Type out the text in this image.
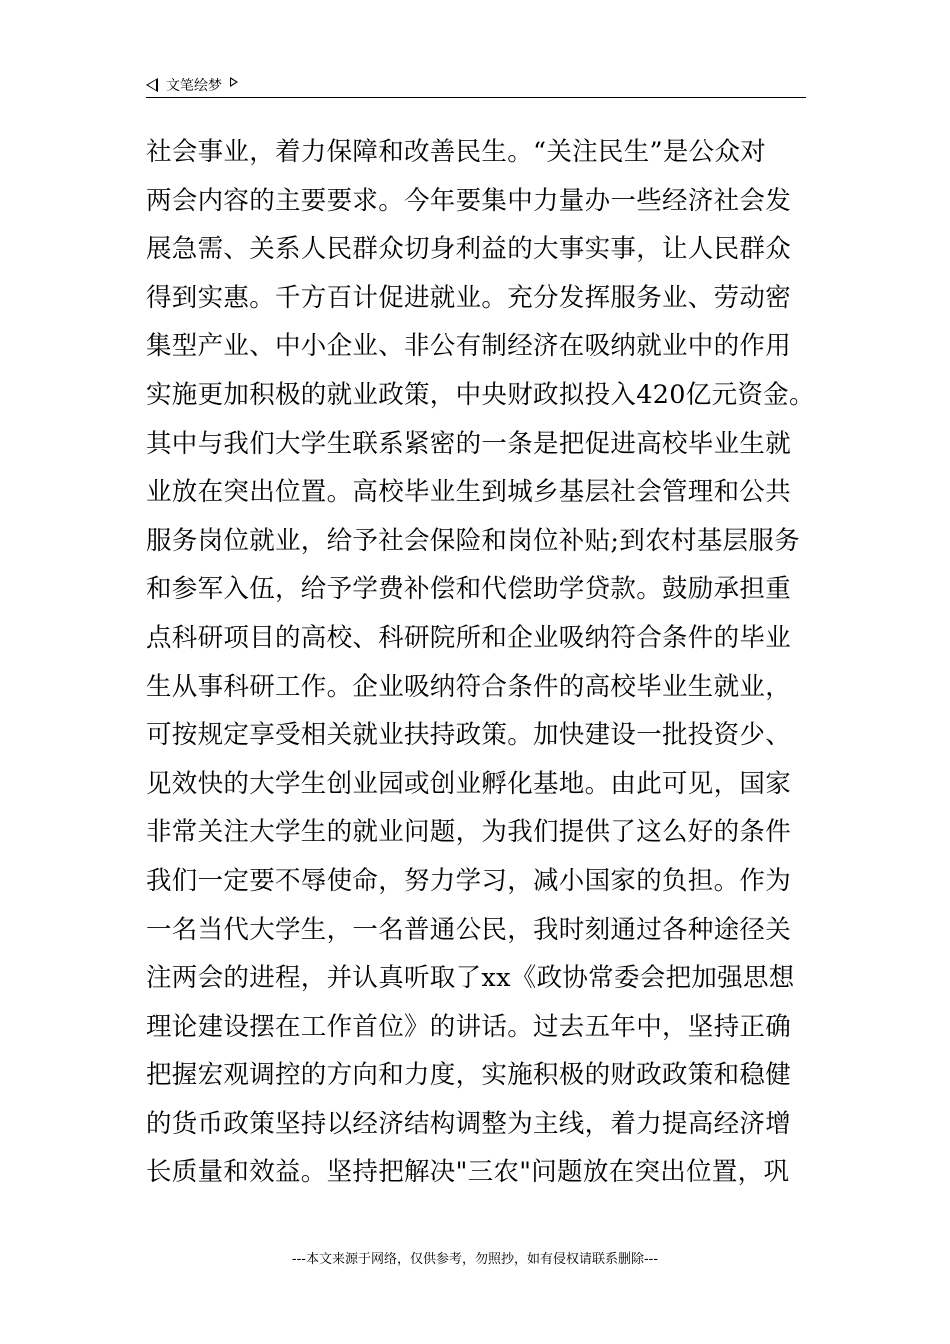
文笔绘梦
社会事业，着力保障和改善民生。“关注民生”是公众对
两会内容的主要要求。今年要集中力量办一些经济社会发
展急需、关系人民群众切身利益的大事实事，让人民群众
得到实惠。千方百计促进就业。充分发挥服务业、劳动密
集型产业、中小企业、非公有制经济在吸纳就业中的作用
实施更加积极的就业政策，中央财政拟投入420亿元资金。
其中与我们大学生联系紧密的一条是把促进高校毕业生就
业放在突出位置。高校毕业生到城乡基层社会管理和公共
服务岗位就业，给予社会保险和岗位补贴;到农村基层服务
和参军入伍，给予学费补偿和代偿助学贷款。鼓励承担重
点科研项目的高校、科研院所和企业吸纳符合条件的毕业
生从事科研工作。企业吸纳符合条件的高校毕业生就业，
可按规定享受相关就业扶持政策。加快建设一批投资少、
见效快的大学生创业园或创业孵化基地。由此可见，国家
非常关注大学生的就业问题，为我们提供了这么好的条件
我们一定要不辱使命，努力学习，减小国家的负担。作为
一名当代大学生，一名普通公民，我时刻通过各种途径关
注两会的进程，并认真听取了xx《政协常委会把加强思想
理论建设摆在工作首位》的讲话。过去五年中，坚持正确
把握宏观调控的方向和力度，实施积极的财政政策和稳健
的货币政策坚持以经济结构调整为主线，着力提高经济增
长质量和效益。坚持把解决"三农"问题放在突出位置，巩
---本文来源于网络，仅供参考，勿照抄，如有侵权请联系删除---
